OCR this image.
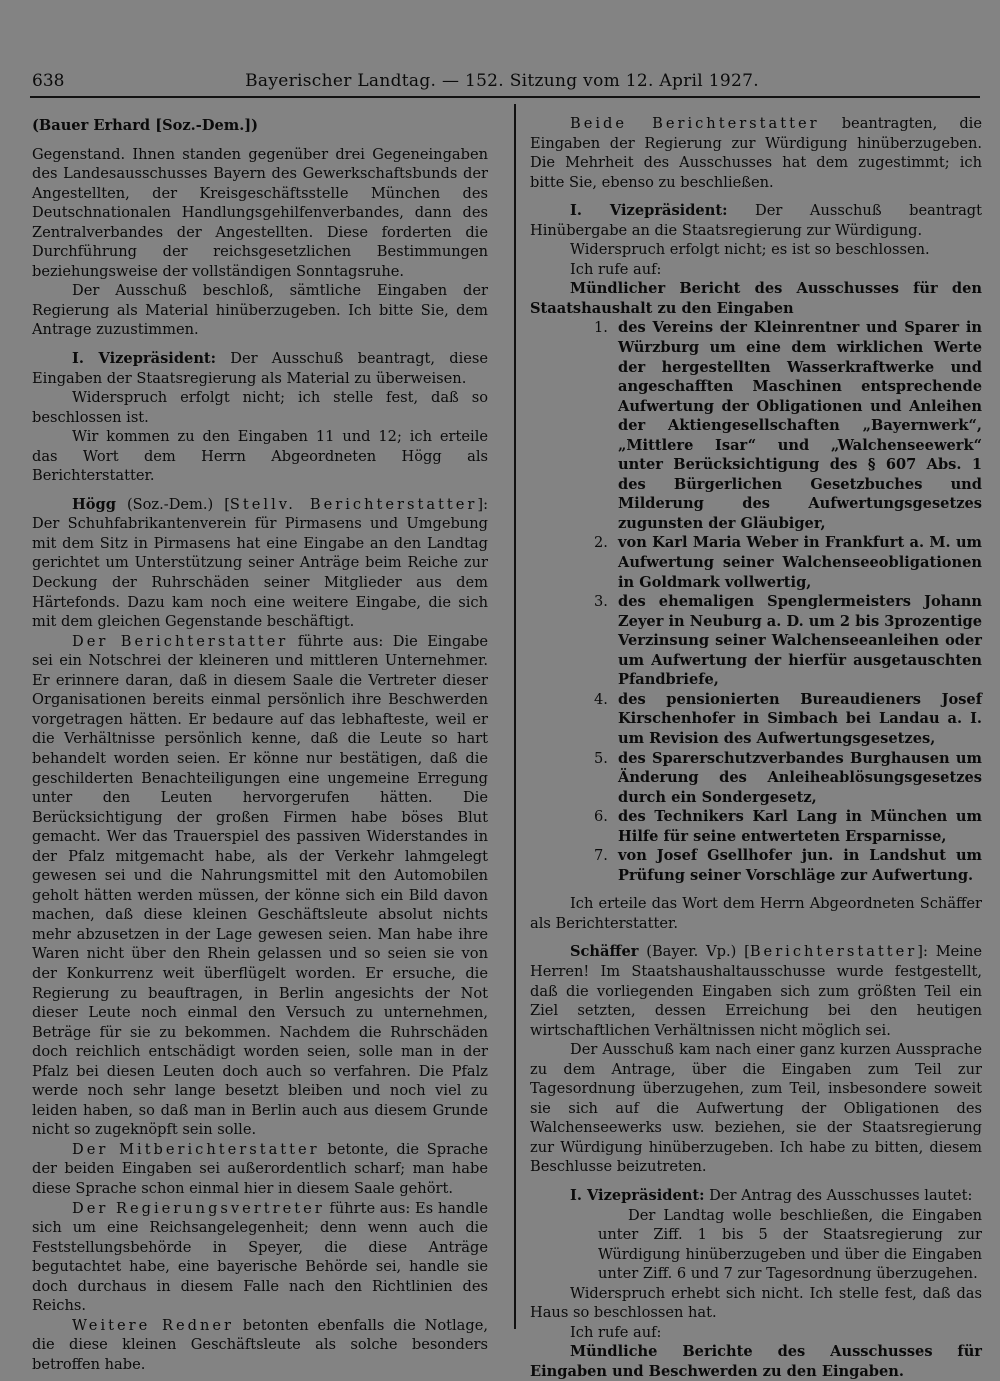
638	Bayerischer Landtag. — 152. Sitzung vom 12. April 1927.

(Bauer Erhard [Soz.-Dem.])

Gegenstand. Ihnen standen gegenüber drei Gegeneingaben des Landesausschusses Bayern des Gewerkschaftsbunds der Angestellten, der Kreisgeschäftsstelle München des Deutschnationalen Handlungsgehilfenverbandes, dann des Zentralverbandes der Angestellten. Diese forderten die Durchführung der reichsgesetzlichen Bestimmungen beziehungsweise der vollständigen Sonntagsruhe.

Der Ausschuß beschloß, sämtliche Eingaben der Regierung als Material hinüberzugeben. Ich bitte Sie, dem Antrage zuzustimmen.

I. Vizepräsident: Der Ausschuß beantragt, diese Eingaben der Staatsregierung als Material zu überweisen.

Widerspruch erfolgt nicht; ich stelle fest, daß so beschlossen ist.

Wir kommen zu den Eingaben 11 und 12; ich erteile das Wort dem Herrn Abgeordneten Högg als Berichterstatter.

Högg (Soz.-Dem.) [Stellv. Berichterstatter]: Der Schuhfabrikantenverein für Pirmasens und Umgebung mit dem Sitz in Pirmasens hat eine Eingabe an den Landtag gerichtet um Unterstützung seiner Anträge beim Reiche zur Deckung der Ruhrschäden seiner Mitglieder aus dem Härtefonds. Dazu kam noch eine weitere Eingabe, die sich mit dem gleichen Gegenstande beschäftigt.

Der Berichterstatter führte aus: Die Eingabe sei ein Notschrei der kleineren und mittleren Unternehmer. Er erinnere daran, daß in diesem Saale die Vertreter dieser Organisationen bereits einmal persönlich ihre Beschwerden vorgetragen hätten. Er bedaure auf das lebhafteste, weil er die Verhältnisse persönlich kenne, daß die Leute so hart behandelt worden seien. Er könne nur bestätigen, daß die geschilderten Benachteiligungen eine ungemeine Erregung unter den Leuten hervorgerufen hätten. Die Berücksichtigung der großen Firmen habe böses Blut gemacht. Wer das Trauerspiel des passiven Widerstandes in der Pfalz mitgemacht habe, als der Verkehr lahmgelegt gewesen sei und die Nahrungsmittel mit den Automobilen geholt hätten werden müssen, der könne sich ein Bild davon machen, daß diese kleinen Geschäftsleute absolut nichts mehr abzusetzen in der Lage gewesen seien. Man habe ihre Waren nicht über den Rhein gelassen und so seien sie von der Konkurrenz weit überflügelt worden. Er ersuche, die Regierung zu beauftragen, in Berlin angesichts der Not dieser Leute noch einmal den Versuch zu unternehmen, Beträge für sie zu bekommen. Nachdem die Ruhrschäden doch reichlich entschädigt worden seien, solle man in der Pfalz bei diesen Leuten doch auch so verfahren. Die Pfalz werde noch sehr lange besetzt bleiben und noch viel zu leiden haben, so daß man in Berlin auch aus diesem Grunde nicht so zugeknöpft sein solle.

Der Mitberichterstatter betonte, die Sprache der beiden Eingaben sei außerordentlich scharf; man habe diese Sprache schon einmal hier in diesem Saale gehört.

Der Regierungsvertreter führte aus: Es handle sich um eine Reichsangelegenheit; denn wenn auch die Feststellungsbehörde in Speyer, die diese Anträge begutachtet habe, eine bayerische Behörde sei, handle sie doch durchaus in diesem Falle nach den Richtlinien des Reichs.

Weitere Redner betonten ebenfalls die Notlage, die diese kleinen Geschäftsleute als solche besonders betroffen habe.

Beide Berichterstatter beantragten, die Eingaben der Regierung zur Würdigung hinüberzugeben. Die Mehrheit des Ausschusses hat dem zugestimmt; ich bitte Sie, ebenso zu beschließen.

I. Vizepräsident: Der Ausschuß beantragt Hinübergabe an die Staatsregierung zur Würdigung.

Widerspruch erfolgt nicht; es ist so beschlossen.

Ich rufe auf:

Mündlicher Bericht des Ausschusses für den Staatshaushalt zu den Eingaben

1. des Vereins der Kleinrentner und Sparer in Würzburg um eine dem wirklichen Werte der hergestellten Wasserkraftwerke und angeschafften Maschinen entsprechende Aufwertung der Obligationen und Anleihen der Aktiengesellschaften „Bayernwerk“, „Mittlere Isar“ und „Walchenseewerk“ unter Berücksichtigung des § 607 Abs. 1 des Bürgerlichen Gesetzbuches und Milderung des Aufwertungsgesetzes zugunsten der Gläubiger,
2. von Karl Maria Weber in Frankfurt a. M. um Aufwertung seiner Walchenseeobligationen in Goldmark vollwertig,
3. des ehemaligen Spenglermeisters Johann Zeyer in Neuburg a. D. um 2 bis 3prozentige Verzinsung seiner Walchenseeanleihen oder um Aufwertung der hierfür ausgetauschten Pfandbriefe,
4. des pensionierten Bureaudieners Josef Kirschenhofer in Simbach bei Landau a. I. um Revision des Aufwertungsgesetzes,
5. des Sparerschutzverbandes Burghausen um Änderung des Anleiheablösungsgesetzes durch ein Sondergesetz,
6. des Technikers Karl Lang in München um Hilfe für seine entwerteten Ersparnisse,
7. von Josef Gsellhofer jun. in Landshut um Prüfung seiner Vorschläge zur Aufwertung.

Ich erteile das Wort dem Herrn Abgeordneten Schäffer als Berichterstatter.

Schäffer (Bayer. Vp.) [Berichterstatter]: Meine Herren! Im Staatshaushaltausschusse wurde festgestellt, daß die vorliegenden Eingaben sich zum größten Teil ein Ziel setzten, dessen Erreichung bei den heutigen wirtschaftlichen Verhältnissen nicht möglich sei.

Der Ausschuß kam nach einer ganz kurzen Aussprache zu dem Antrage, über die Eingaben zum Teil zur Tagesordnung überzugehen, zum Teil, insbesondere soweit sie sich auf die Aufwertung der Obligationen des Walchenseewerks usw. beziehen, sie der Staatsregierung zur Würdigung hinüberzugeben. Ich habe zu bitten, diesem Beschlusse beizutreten.

I. Vizepräsident: Der Antrag des Ausschusses lautet:

Der Landtag wolle beschließen, die Eingaben unter Ziff. 1 bis 5 der Staatsregierung zur Würdigung hinüberzugeben und über die Eingaben unter Ziff. 6 und 7 zur Tagesordnung überzugehen.

Widerspruch erhebt sich nicht. Ich stelle fest, daß das Haus so beschlossen hat.

Ich rufe auf:

Mündliche Berichte des Ausschusses für Eingaben und Beschwerden zu den Eingaben.
